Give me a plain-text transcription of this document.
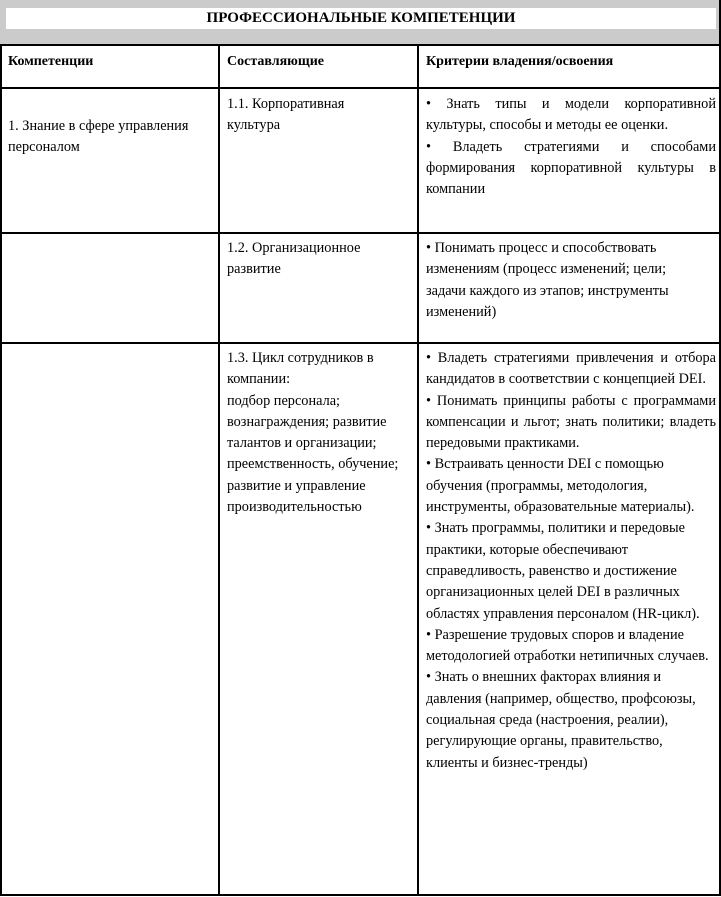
ПРОФЕССИОНАЛЬНЫЕ КОМПЕТЕНЦИИ
Компетенции	Составляющие	Критерии владения/освоения
1. Знание в сфере управления персоналом
1.1. Корпоративная культура

• Знать типы и модели корпоративной культуры, способы и методы ее оценки.

• Владеть стратегиями и способами формирования корпоративной культуры в компании

1.2. Организационное развитие

• Понимать процесс и способствовать изменениям (процесс изменений; цели; задачи каждого из этапов; инструменты изменений)

1.3. Цикл сотрудников в компании:

подбор персонала; вознаграждения; развитие талантов и организации; преемственность, обучение; развитие и управление производительностью

• Владеть стратегиями привлечения и отбора кандидатов в соответствии с концепцией DEI.

• Понимать принципы работы с программами компенсации и льгот; знать политики; владеть передовыми практиками.

• Встраивать ценности DEI с помощью обучения (программы, методология, инструменты, образовательные материалы).

• Знать программы, политики и передовые практики, которые обеспечивают справедливость, равенство и достижение организационных целей DEI в различных областях управления персоналом (HR-цикл).

• Разрешение трудовых споров и владение методологией отработки нетипичных случаев.

• Знать о внешних факторах влияния и давления (например, общество, профсоюзы, социальная среда (настроения, реалии), регулирующие органы, правительство, клиенты и бизнес-тренды)
